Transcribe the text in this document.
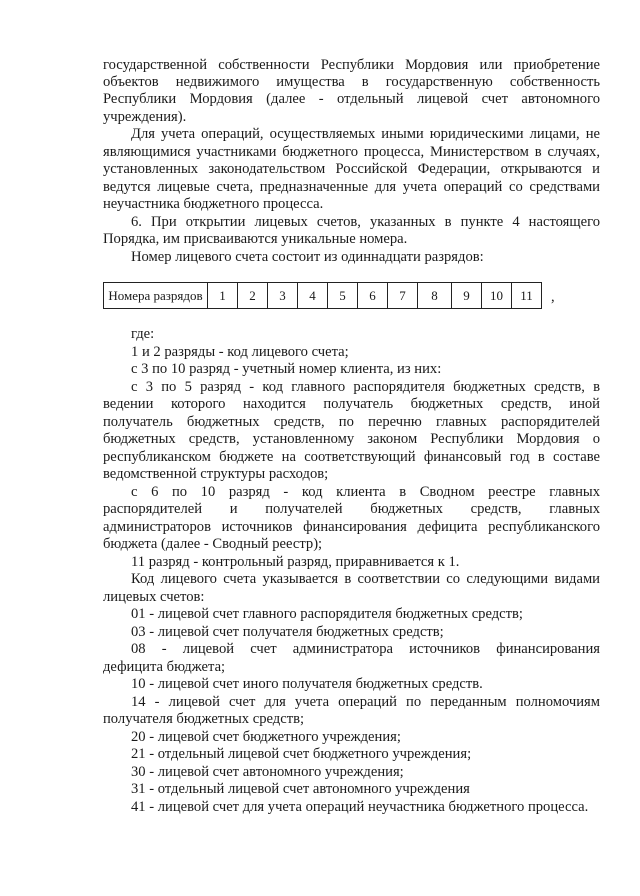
государственной собственности Республики Мордовия или приобретение
объектов недвижимого имущества в государственную собственность
Республики Мордовия (далее - отдельный лицевой счет автономного
учреждения).
Для учета операций, осуществляемых иными юридическими лицами, не
являющимися участниками бюджетного процесса, Министерством в случаях,
установленных законодательством Российской Федерации, открываются и
ведутся лицевые счета, предназначенные для учета операций со средствами
неучастника бюджетного процесса.
6. При открытии лицевых счетов, указанных в пункте 4 настоящего
Порядка, им присваиваются уникальные номера.
Номер лицевого счета состоит из одиннадцати разрядов:
Номера разрядов	1	2	3	4	5	6	7	8	9	10	11 ,
где:
1 и 2 разряды - код лицевого счета;
с 3 по 10 разряд - учетный номер клиента, из них:
с 3 по 5 разряд - код главного распорядителя бюджетных средств, в
ведении которого находится получатель бюджетных средств, иной
получатель бюджетных средств, по перечню главных распорядителей
бюджетных средств, установленному законом Республики Мордовия о
республиканском бюджете на соответствующий финансовый год в составе
ведомственной структуры расходов;
с 6 по 10 разряд - код клиента в Сводном реестре главных
распорядителей и получателей бюджетных средств, главных
администраторов источников финансирования дефицита республиканского
бюджета (далее - Сводный реестр);
11 разряд - контрольный разряд, приравнивается к 1.
Код лицевого счета указывается в соответствии со следующими видами
лицевых счетов:
01 - лицевой счет главного распорядителя бюджетных средств;
03 - лицевой счет получателя бюджетных средств;
08 - лицевой счет администратора источников финансирования
дефицита бюджета;
10 - лицевой счет иного получателя бюджетных средств.
14 - лицевой счет для учета операций по переданным полномочиям
получателя бюджетных средств;
20 - лицевой счет бюджетного учреждения;
21 - отдельный лицевой счет бюджетного учреждения;
30 - лицевой счет автономного учреждения;
31 - отдельный лицевой счет автономного учреждения
41 - лицевой счет для учета операций неучастника бюджетного процесса.
